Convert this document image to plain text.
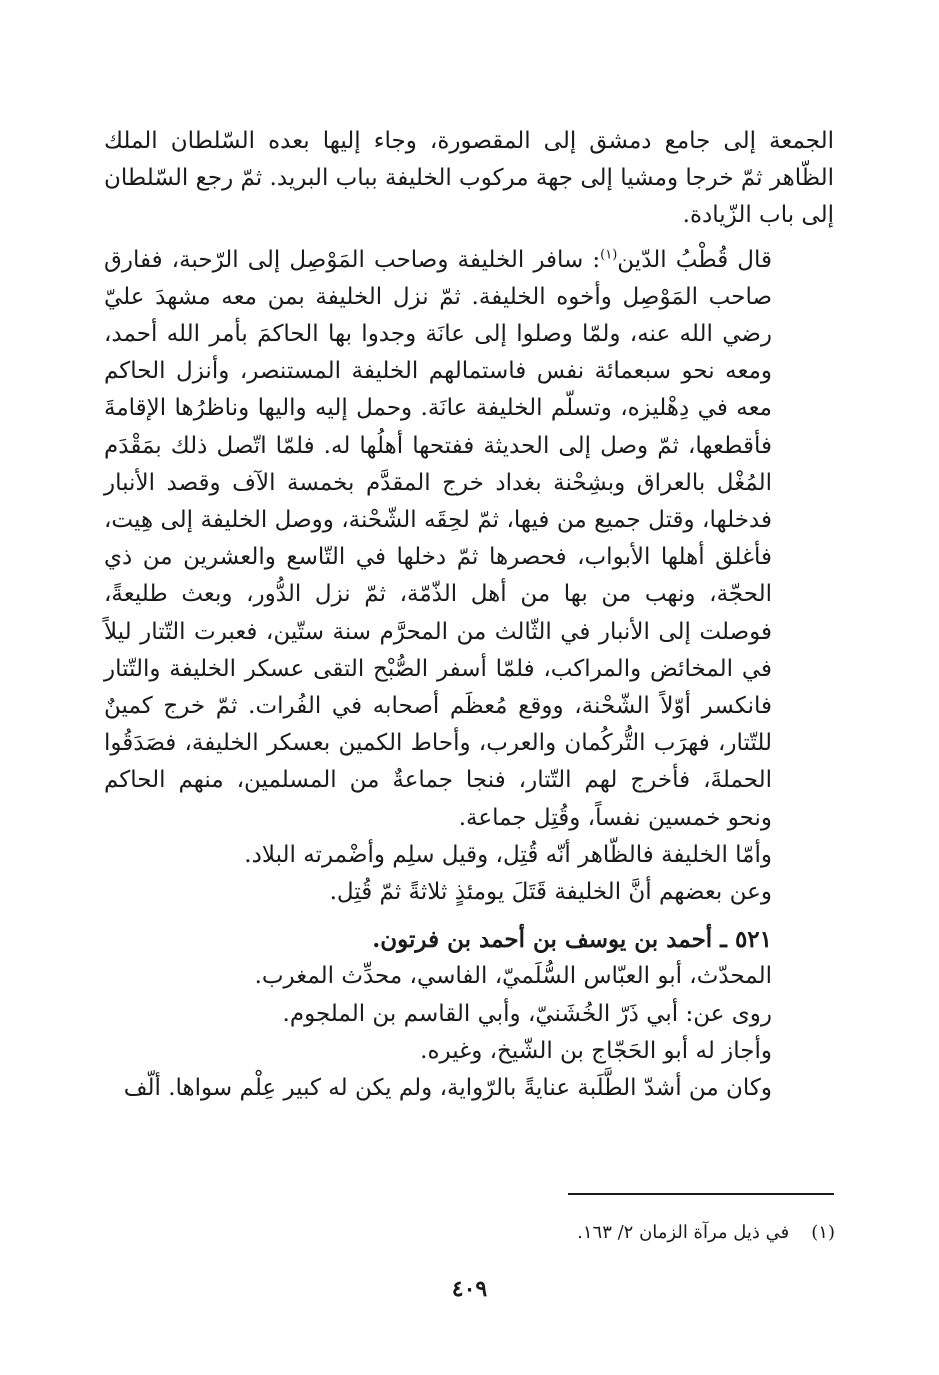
الجمعة إلى جامع دمشق إلى المقصورة، وجاء إليها بعده السّلطان الملك الظّاهر ثمّ خرجا ومشيا إلى جهة مركوب الخليفة بباب البريد. ثمّ رجع السّلطان إلى باب الزّيادة.

قال قُطْبُ الدّين$^{(١)}$: سافر الخليفة وصاحب المَوْصِل إلى الرّحبة، ففارق صاحب المَوْصِل وأخوه الخليفة. ثمّ نزل الخليفة بمن معه مشهدَ عليّ رضي الله عنه، ولمّا وصلوا إلى عانَة وجدوا بها الحاكمَ بأمر الله أحمد، ومعه نحو سبعمائة نفس فاستمالهم الخليفة المستنصر، وأنزل الحاكم معه في دِهْليزه، وتسلّم الخليفة عانَة. وحمل إليه واليها وناظرُها الإقامةَ فأقطعها، ثمّ وصل إلى الحديثة ففتحها أهلُها له. فلمّا اتّصل ذلك بمَقْدَم المُغْل بالعراق وبشِحْنة بغداد خرج المقدَّم بخمسة الآف وقصد الأنبار فدخلها، وقتل جميع من فيها، ثمّ لحِقَه الشّحْنة، ووصل الخليفة إلى هِيت، فأغلق أهلها الأبواب، فحصرها ثمّ دخلها في التّاسع والعشرين من ذي الحجّة، ونهب من بها من أهل الذّمّة، ثمّ نزل الدُّور، وبعث طليعةً، فوصلت إلى الأنبار في الثّالث من المحرَّم سنة ستّين، فعبرت التّتار ليلاً في المخائض والمراكب، فلمّا أسفر الصُّبْح التقى عسكر الخليفة والتّتار فانكسر أوّلاً الشّحْنة، ووقع مُعظَم أصحابه في الفُرات. ثمّ خرج كمينٌ للتّتار، فهرَب التُّركُمان والعرب، وأحاط الكمين بعسكر الخليفة، فصَدَقُوا الحملةَ، فأخرج لهم التّتار، فنجا جماعةٌ من المسلمين، منهم الحاكم ونحو خمسين نفساً، وقُتِل جماعة.

وأمّا الخليفة فالظّاهر أنّه قُتِل، وقيل سلِم وأضْمرته البلاد.

وعن بعضهم أنَّ الخليفة قَتَلَ يومئذٍ ثلاثةً ثمّ قُتِل.

٥٢١ ـ أحمد بن يوسف بن أحمد بن فرتون.

المحدّث، أبو العبّاس السُّلَميّ، الفاسي، محدِّث المغرب.

روى عن: أبي ذَرّ الخُشَنيّ، وأبي القاسم بن الملجوم.

وأجاز له أبو الحَجّاج بن الشّيخ، وغيره.

وكان من أشدّ الطَّلَبة عنايةً بالرّواية، ولم يكن له كبير عِلْم سواها. ألّف

(١)في ذيل مرآة الزمان ٢/ ١٦٣.
٤٠٩
